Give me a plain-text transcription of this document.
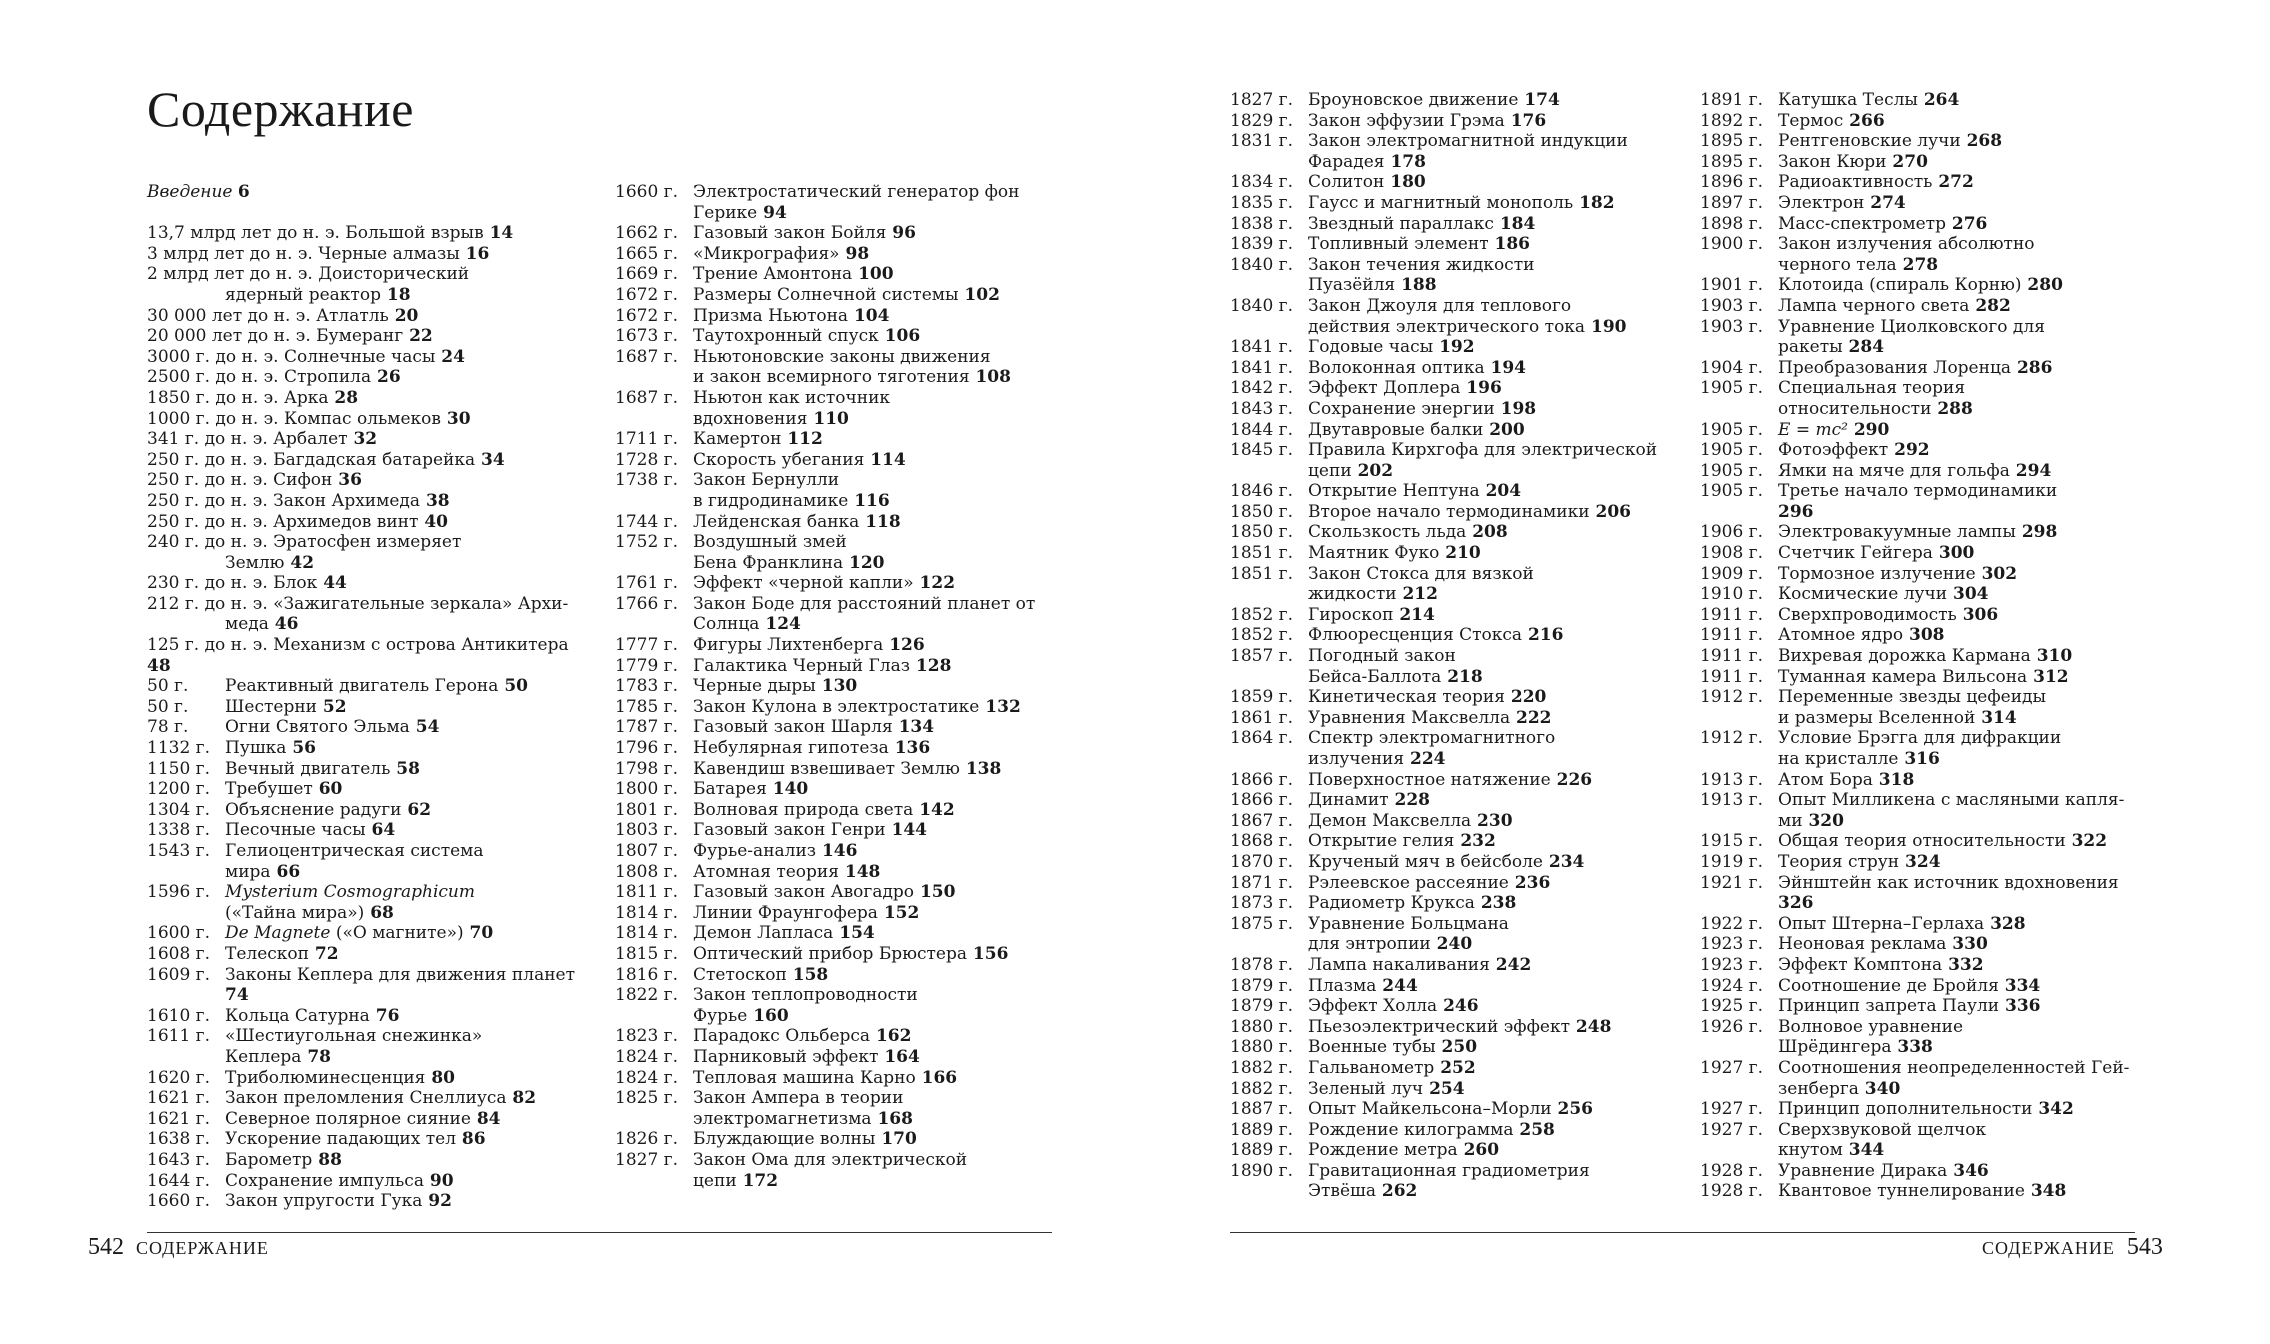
Содержание
Введение 6
13,7 млрд лет до н. э. Большой взрыв 14
3 млрд лет до н. э. Черные алмазы 16
2 млрд лет до н. э. Доисторический
ядерный реактор 18
30 000 лет до н. э. Атлатль 20
20 000 лет до н. э. Бумеранг 22
3000 г. до н. э. Солнечные часы 24
2500 г. до н. э. Стропила 26
1850 г. до н. э. Арка 28
1000 г. до н. э. Компас ольмеков 30
341 г. до н. э. Арбалет 32
250 г. до н. э. Багдадская батарейка 34
250 г. до н. э. Сифон 36
250 г. до н. э. Закон Архимеда 38
250 г. до н. э. Архимедов винт 40
240 г. до н. э. Эратосфен измеряет
Землю 42
230 г. до н. э. Блок 44
212 г. до н. э. «Зажигательные зеркала» Архи-
меда 46
125 г. до н. э. Механизм с острова Антикитера 48
50 г.	Реактивный двигатель Герона 50
50 г.	Шестерни 52
78 г.	Огни Святого Эльма 54
1132 г. Пушка 56
1150 г. Вечный двигатель 58
1200 г. Требушет 60
1304 г. Объяснение радуги 62
1338 г. Песочные часы 64
1543 г. Гелиоцентрическая система
мира 66
1596 г. Mysterium Cosmographicum
(«Тайна мира») 68
1600 г. De Magnete («О магните») 70
1608 г. Телескоп 72
1609 г. Законы Кеплера для движения планет
74
1610 г. Кольца Сатурна 76
1611 г. «Шестиугольная снежинка»
Кеплера 78
1620 г. Триболюминесценция 80
1621 г. Закон преломления Снеллиуса 82
1621 г. Северное полярное сияние 84
1638 г. Ускорение падающих тел 86
1643 г. Барометр 88
1644 г. Сохранение импульса 90
1660 г. Закон упругости Гука 92
1660 г. Электростатический генератор фон
Герике 94
1662 г. Газовый закон Бойля 96
1665 г. «Микрография» 98
1669 г. Трение Амонтона 100
1672 г. Размеры Солнечной системы 102
1672 г. Призма Ньютона 104
1673 г. Таутохронный спуск 106
1687 г. Ньютоновские законы движения
и закон всемирного тяготения 108
1687 г. Ньютон как источник
вдохновения 110
1711 г. Камертон 112
1728 г. Скорость убегания 114
1738 г. Закон Бернулли
в гидродинамике 116
1744 г. Лейденская банка 118
1752 г. Воздушный змей
Бена Франклина 120
1761 г. Эффект «черной капли» 122
1766 г. Закон Боде для расстояний планет от
Солнца 124
1777 г. Фигуры Лихтенберга 126
1779 г. Галактика Черный Глаз 128
1783 г. Черные дыры 130
1785 г. Закон Кулона в электростатике 132
1787 г. Газовый закон Шарля 134
1796 г. Небулярная гипотеза 136
1798 г. Кавендиш взвешивает Землю 138
1800 г. Батарея 140
1801 г. Волновая природа света 142
1803 г. Газовый закон Генри 144
1807 г. Фурье-анализ 146
1808 г. Атомная теория 148
1811 г. Газовый закон Авогадро 150
1814 г. Линии Фраунгофера 152
1814 г. Демон Лапласа 154
1815 г. Оптический прибор Брюстера 156
1816 г. Стетоскоп 158
1822 г. Закон теплопроводности
Фурье 160
1823 г. Парадокс Ольберса 162
1824 г. Парниковый эффект 164
1824 г. Тепловая машина Карно 166
1825 г. Закон Ампера в теории
электромагнетизма 168
1826 г. Блуждающие волны 170
1827 г. Закон Ома для электрической
цепи 172
542 СОДЕРЖАНИЕ
1827 г. Броуновское движение 174
1829 г. Закон эффузии Грэма 176
1831 г. Закон электромагнитной индукции
Фарадея 178
1834 г. Солитон 180
1835 г. Гаусс и магнитный монополь 182
1838 г. Звездный параллакс 184
1839 г. Топливный элемент 186
1840 г. Закон течения жидкости
Пуазёйля 188
1840 г. Закон Джоуля для теплового
действия электрического тока 190
1841 г. Годовые часы 192
1841 г. Волоконная оптика 194
1842 г. Эффект Доплера 196
1843 г. Сохранение энергии 198
1844 г. Двутавровые балки 200
1845 г. Правила Кирхгофа для электрической
цепи 202
1846 г. Открытие Нептуна 204
1850 г. Второе начало термодинамики 206
1850 г. Скользкость льда 208
1851 г. Маятник Фуко 210
1851 г. Закон Стокса для вязкой
жидкости 212
1852 г. Гироскоп 214
1852 г. Флюоресценция Стокса 216
1857 г. Погодный закон
Бейса-Баллота 218
1859 г. Кинетическая теория 220
1861 г. Уравнения Максвелла 222
1864 г. Спектр электромагнитного
излучения 224
1866 г. Поверхностное натяжение 226
1866 г. Динамит 228
1867 г. Демон Максвелла 230
1868 г. Открытие гелия 232
1870 г. Крученый мяч в бейсболе 234
1871 г. Рэлеевское рассеяние 236
1873 г. Радиометр Крукса 238
1875 г. Уравнение Больцмана
для энтропии 240
1878 г. Лампа накаливания 242
1879 г. Плазма 244
1879 г. Эффект Холла 246
1880 г. Пьезоэлектрический эффект 248
1880 г. Военные тубы 250
1882 г. Гальванометр 252
1882 г. Зеленый луч 254
1887 г. Опыт Майкельсона–Морли 256
1889 г. Рождение килограмма 258
1889 г. Рождение метра 260
1890 г. Гравитационная градиометрия
Этвёша 262
1891 г. Катушка Теслы 264
1892 г. Термос 266
1895 г. Рентгеновские лучи 268
1895 г. Закон Кюри 270
1896 г. Радиоактивность 272
1897 г. Электрон 274
1898 г. Масс-спектрометр 276
1900 г. Закон излучения абсолютно
черного тела 278
1901 г. Клотоида (спираль Корню) 280
1903 г. Лампа черного света 282
1903 г. Уравнение Циолковского для
ракеты 284
1904 г. Преобразования Лоренца 286
1905 г. Специальная теория
относительности 288
1905 г. E = mc² 290
1905 г. Фотоэффект 292
1905 г. Ямки на мяче для гольфа 294
1905 г. Третье начало термодинамики
296
1906 г. Электровакуумные лампы 298
1908 г. Счетчик Гейгера 300
1909 г. Тормозное излучение 302
1910 г. Космические лучи 304
1911 г. Сверхпроводимость 306
1911 г. Атомное ядро 308
1911 г. Вихревая дорожка Кармана 310
1911 г. Туманная камера Вильсона 312
1912 г. Переменные звезды цефеиды
и размеры Вселенной 314
1912 г. Условие Брэгга для дифракции
на кристалле 316
1913 г. Атом Бора 318
1913 г. Опыт Милликена с масляными капля-
ми 320
1915 г. Общая теория относительности 322
1919 г. Теория струн 324
1921 г. Эйнштейн как источник вдохновения
326
1922 г. Опыт Штерна–Герлаха 328
1923 г. Неоновая реклама 330
1923 г. Эффект Комптона 332
1924 г. Соотношение де Бройля 334
1925 г. Принцип запрета Паули 336
1926 г. Волновое уравнение
Шрёдингера 338
1927 г. Соотношения неопределенностей Гей-
зенберга 340
1927 г. Принцип дополнительности 342
1927 г. Сверхзвуковой щелчок
кнутом 344
1928 г. Уравнение Дирака 346
1928 г. Квантовое туннелирование 348
СОДЕРЖАНИЕ 543
